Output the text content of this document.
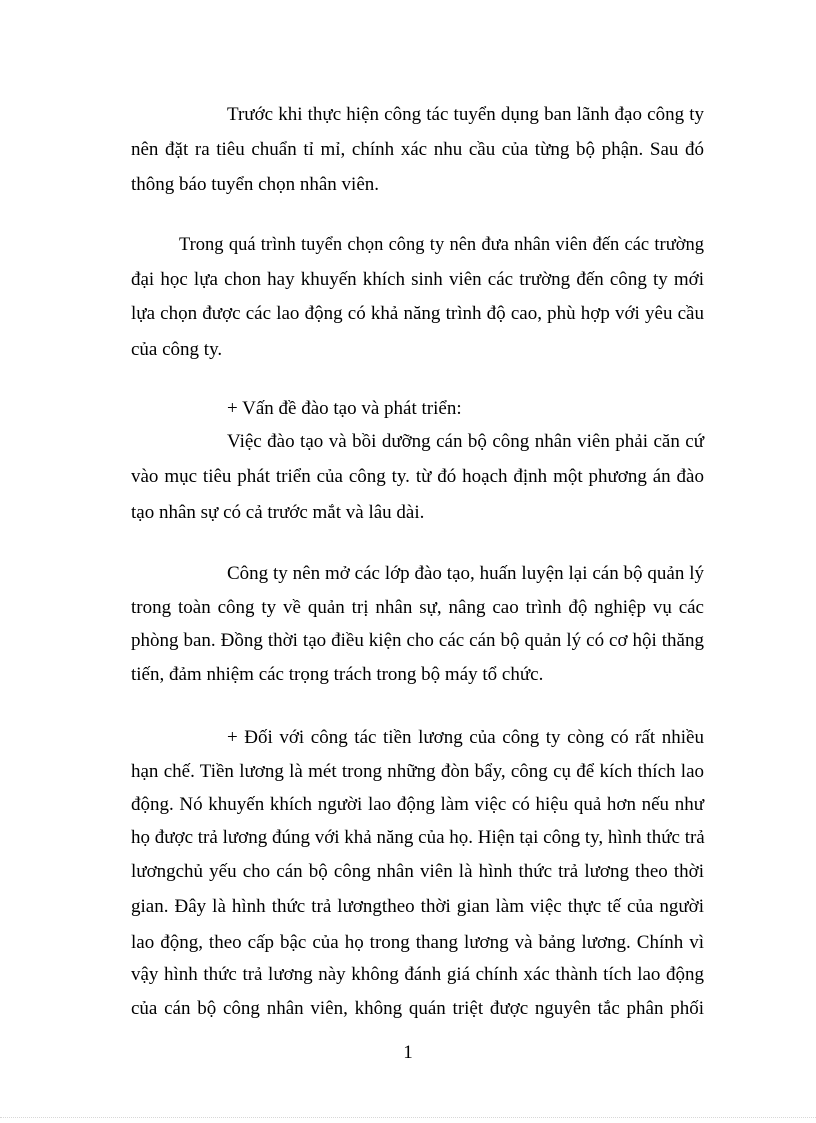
Trước khi thực hiện công tác tuyển dụng ban lãnh đạo công ty
nên đặt ra tiêu chuẩn tỉ mỉ, chính xác nhu cầu của từng bộ phận. Sau đó
thông báo tuyển chọn nhân viên.
Trong quá trình tuyển chọn công ty nên đưa nhân viên đến các trường
đại học lựa chon hay khuyến khích sinh viên các trường đến công ty mới
lựa chọn được các lao động có khả năng trình độ cao, phù hợp với yêu cầu
của công ty.
+ Vấn đề đào tạo và phát triển:
Việc đào tạo và bồi dưỡng cán bộ công nhân viên phải căn cứ
vào mục tiêu phát triển của công ty. từ đó hoạch định một phương án đào
tạo nhân sự có cả trước mắt và lâu dài.
Công ty nên mở các lớp đào tạo, huấn luyện lại cán bộ quản lý
trong toàn công ty về quản trị nhân sự, nâng cao trình độ nghiệp vụ các
phòng ban. Đồng thời tạo điều kiện cho các cán bộ quản lý có cơ hội thăng
tiến, đảm nhiệm các trọng trách trong bộ máy tổ chức.
+ Đối với công tác tiền lương của công ty còng có rất nhiều
hạn chế. Tiền lương là mét trong những đòn bẩy, công cụ để kích thích lao
động. Nó khuyến khích người lao động làm việc có hiệu quả hơn nếu như
họ được trả lương đúng với khả năng của họ. Hiện tại công ty, hình thức trả
lươngchủ yếu cho cán bộ công nhân viên là hình thức trả lương theo thời
gian. Đây là hình thức trả lươngtheo thời gian làm việc thực tế của người
lao động, theo cấp bậc của họ trong thang lương và bảng lương. Chính vì
vậy hình thức trả lương này không đánh giá chính xác thành tích lao động
của cán bộ công nhân viên, không quán triệt được nguyên tắc phân phối
1
